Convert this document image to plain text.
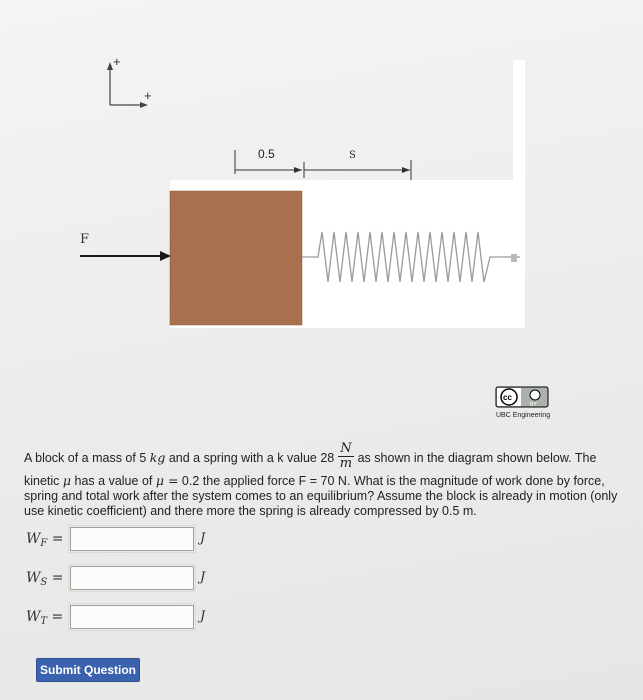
+
+
0.5	S
F
cc
BY
UBC Engineering
A block of a mass of 5 kg and a spring with a k value $28 \frac{N}{m}$ as shown in the diagram shown below. The
kinetic μ has a value of μ = 0.2 the applied force F = 70 N. What is the magnitude of work done by force,
spring and total work after the system comes to an equilibrium? Assume the block is already in motion (only
use kinetic coefficient) and there more the spring is already compressed by 0.5 m.
$W_F$ =	J
$W_S$ =	J
$W_T$ =	J
Submit Question
